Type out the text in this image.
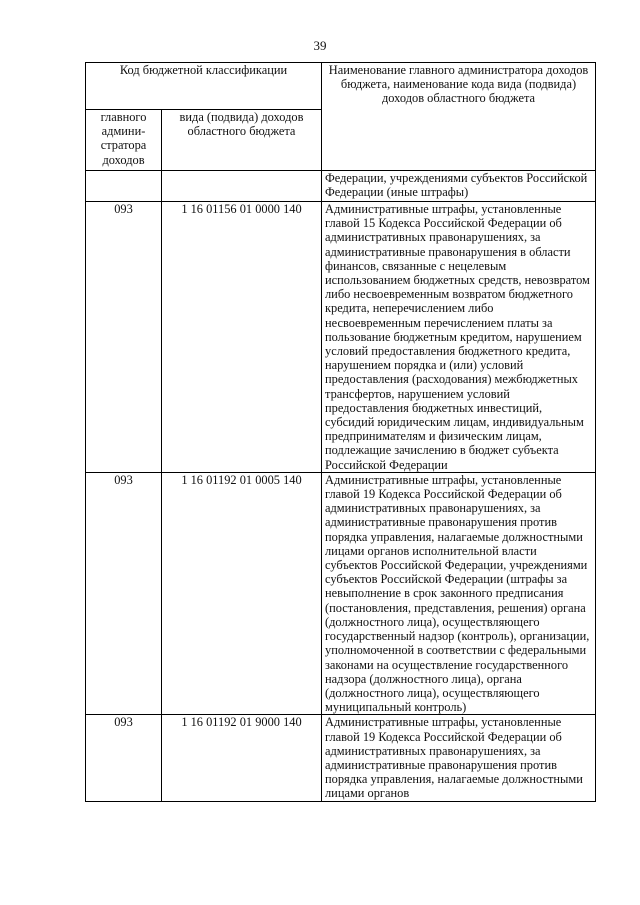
39
Код бюджетной классификации		Наименование главного администратора доходов бюджета, наименование кода вида (подвида) доходов областного бюджета
главного админи-стратора доходов	вида (подвида) доходов областного бюджета	
		Федерации, учреждениями субъектов Российской Федерации (иные штрафы)
093	1 16 01156 01 0000 140	Административные штрафы, установленные главой 15 Кодекса Российской Федерации об административных правонарушениях, за административные правонарушения в области финансов, связанные с нецелевым использованием бюджетных средств, невозвратом либо несвоевременным возвратом бюджетного кредита, неперечислением либо несвоевременным перечислением платы за пользование бюджетным кредитом, нарушением условий предоставления бюджетного кредита, нарушением порядка и (или) условий предоставления (расходования) межбюджетных трансфертов, нарушением условий предоставления бюджетных инвестиций, субсидий юридическим лицам, индивидуальным предпринимателям и физическим лицам, подлежащие зачислению в бюджет субъекта Российской Федерации
093	1 16 01192 01 0005 140	Административные штрафы, установленные главой 19 Кодекса Российской Федерации об административных правонарушениях, за административные правонарушения против порядка управления, налагаемые должностными лицами органов исполнительной власти субъектов Российской Федерации, учреждениями субъектов Российской Федерации (штрафы за невыполнение в срок законного предписания (постановления, представления, решения) органа (должностного лица), осуществляющего государственный надзор (контроль), организации, уполномоченной в соответствии с федеральными законами на осуществление государственного надзора (должностного лица), органа (должностного лица), осуществляющего муниципальный контроль)
093	1 16 01192 01 9000 140	Административные штрафы, установленные главой 19 Кодекса Российской Федерации об административных правонарушениях, за административные правонарушения против порядка управления, налагаемые должностными лицами органов
